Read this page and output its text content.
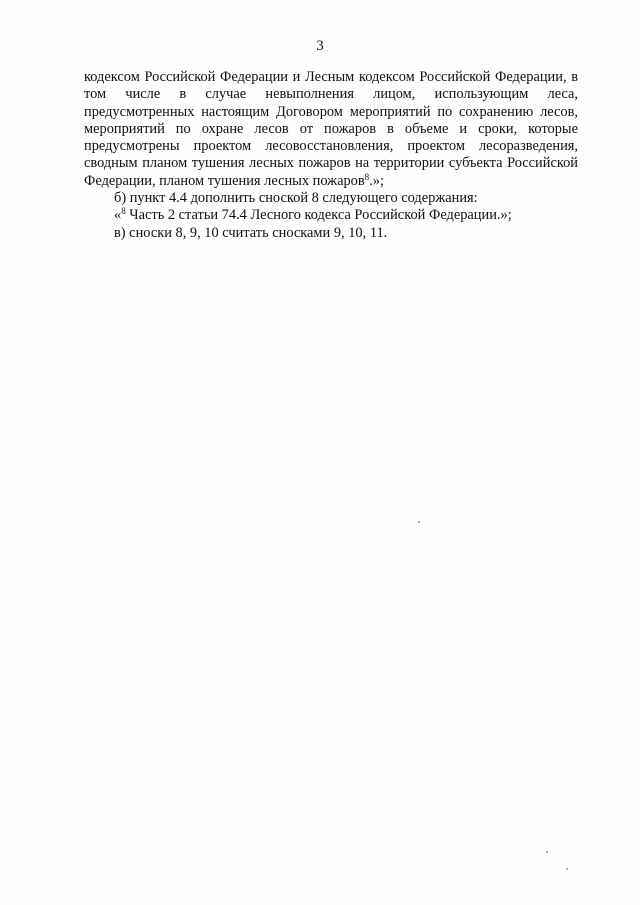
3

кодексом Российской Федерации и Лесным кодексом Российской Федерации, в том числе в случае невыполнения лицом, использующим леса, предусмотренных настоящим Договором мероприятий по сохранению лесов, мероприятий по охране лесов от пожаров в объеме и сроки, которые предусмотрены проектом лесовосстановления, проектом лесоразведения, сводным планом тушения лесных пожаров на территории субъекта Российской Федерации, планом тушения лесных пожаров$^8$.»;

б) пункт 4.4 дополнить сноской 8 следующего содержания:

«$^8$ Часть 2 статьи 74.4 Лесного кодекса Российской Федерации.»;

в) сноски 8, 9, 10 считать сносками 9, 10, 11.
